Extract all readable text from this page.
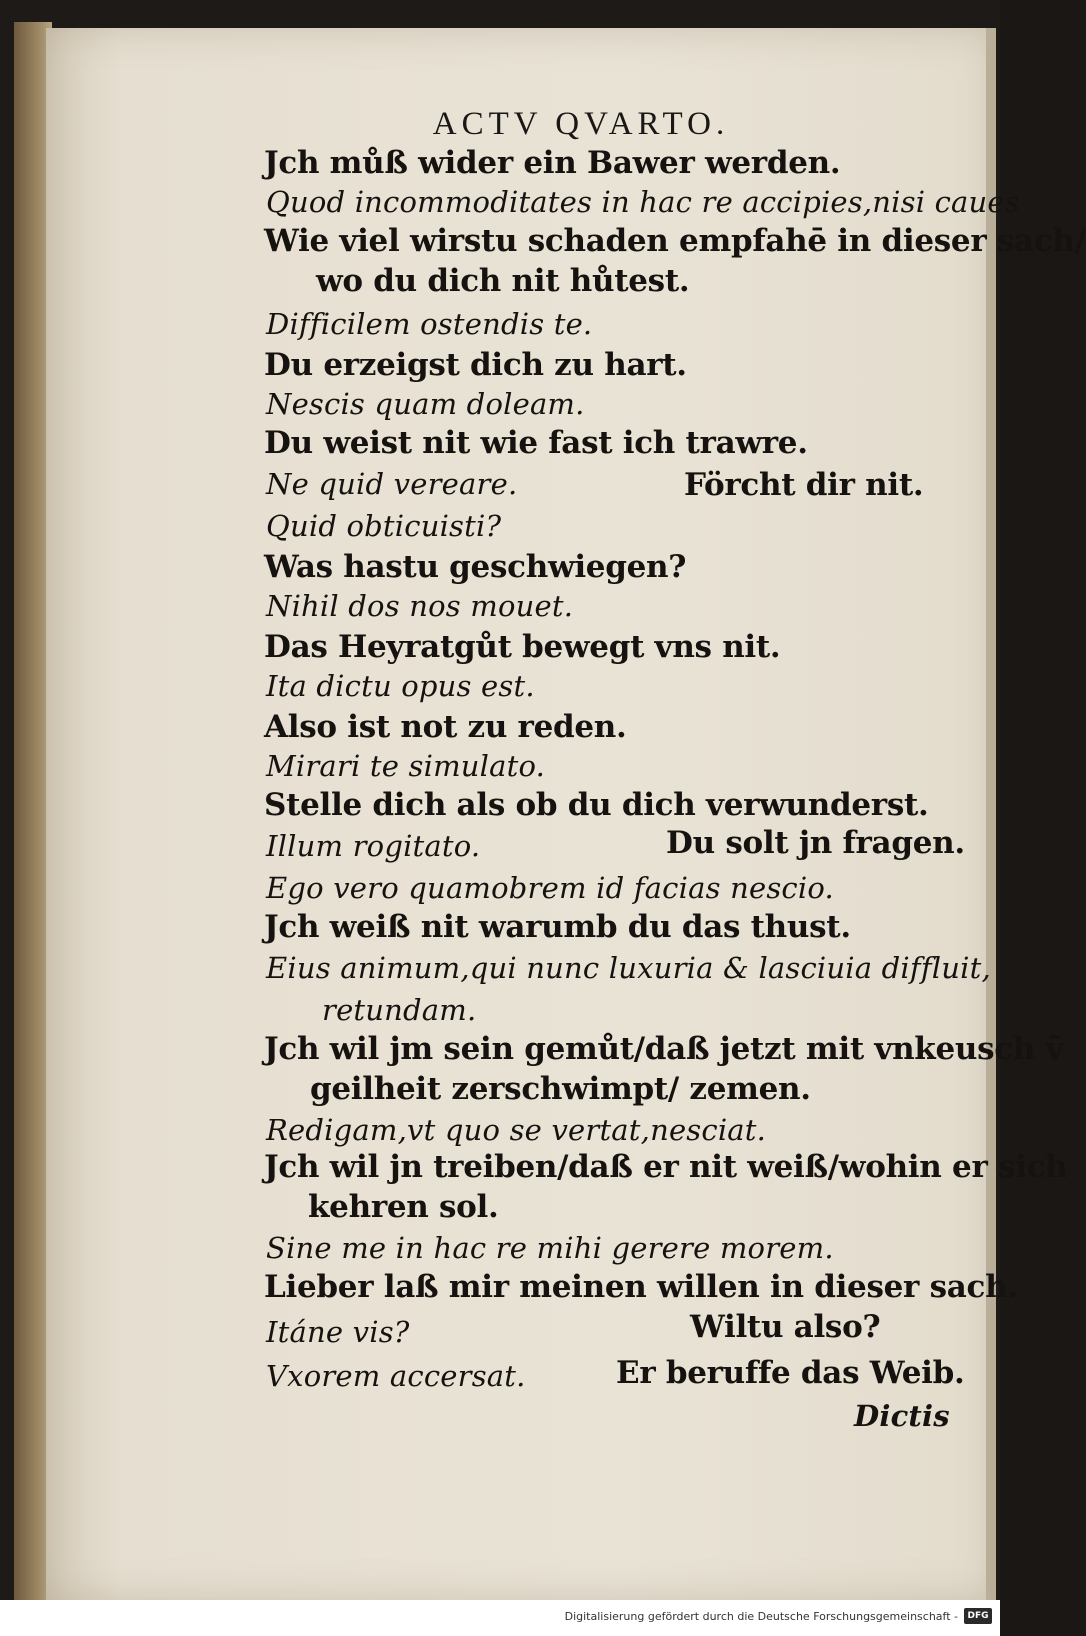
ACTV QVARTO.
Jch můß wider ein Bawer werden.
Quod incommoditates in hac re accipies,nisi caues
Wie viel wirstu schaden empfahē in dieser sach/
wo du dich nit hůtest.
Difficilem ostendis te.
Du erzeigst dich zu hart.
Nescis quam doleam.
Du weist nit wie fast ich trawre.
Ne quid vereare.	Förcht dir nit.
Quid obticuisti?
Was hastu geschwiegen?
Nihil dos nos mouet.
Das Heyratgůt bewegt vns nit.
Ita dictu opus est.
Also ist not zu reden.
Mirari te simulato.
Stelle dich als ob du dich verwunderst.
Illum rogitato.	Du solt jn fragen.
Ego vero quamobrem id facias nescio.
Jch weiß nit warumb du das thust.
Eius animum,qui nunc luxuria & lasciuia diffluit,
retundam.
Jch wil jm sein gemůt/daß jetzt mit vnkeusch v̄̄
geilheit zerschwimpt/ zemen.
Redigam,vt quo se vertat,nesciat.
Jch wil jn treiben/daß er nit weiß/wohin er sich
kehren sol.
Sine me in hac re mihi gerere morem.
Lieber laß mir meinen willen in dieser sach.
Itáne vis?	Wiltu also?
Vxorem accersat.	Er beruffe das Weib.
Dictis
Digitalisierung gefördert durch die Deutsche Forschungsgemeinschaft -	DFG
